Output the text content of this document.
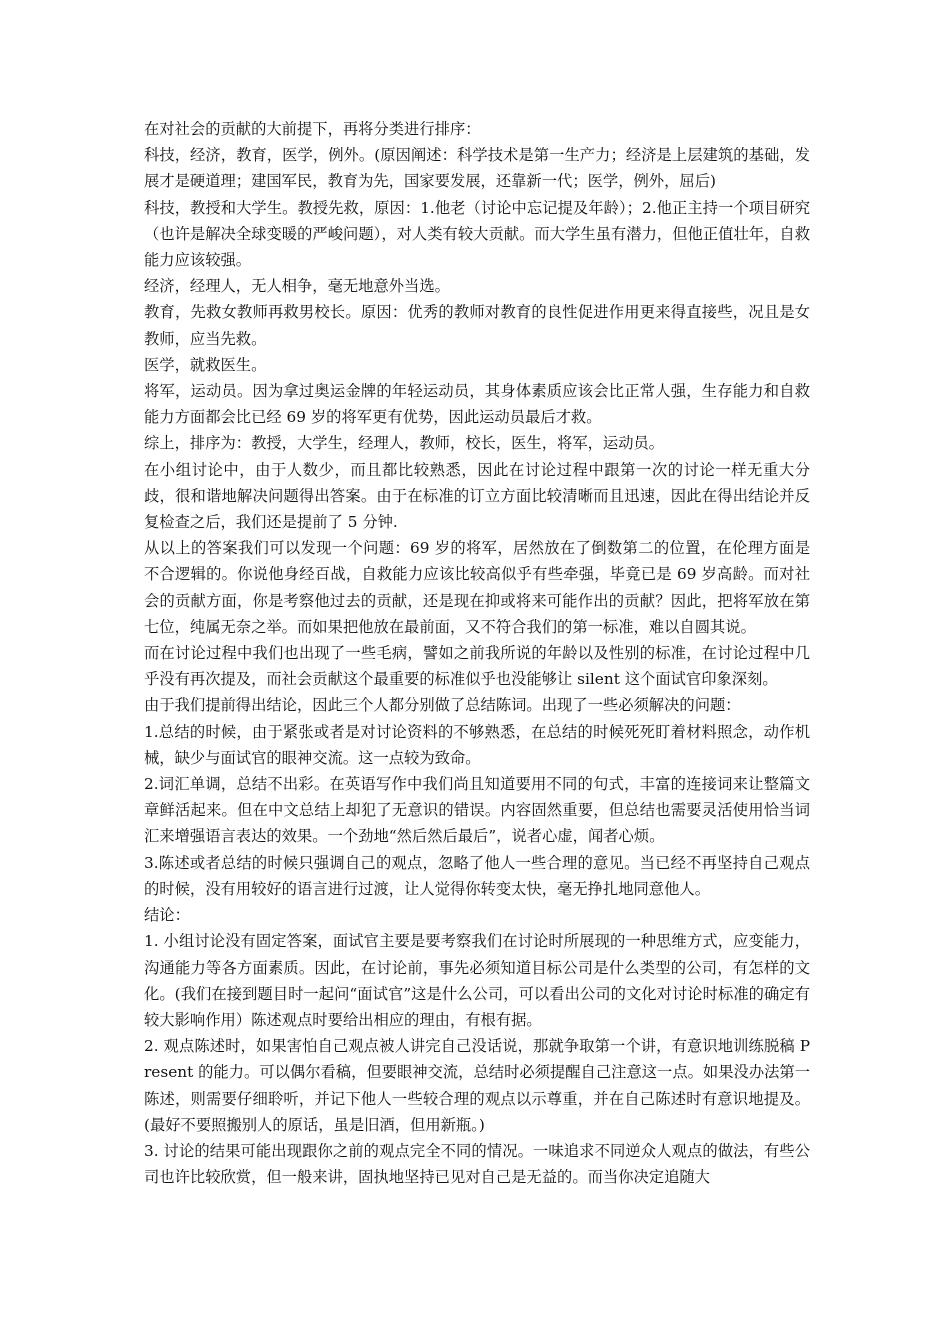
在对社会的贡献的大前提下，再将分类进行排序：

科技，经济，教育，医学，例外。(原因阐述：科学技术是第一生产力；经济是上层建筑的基础，发展才是硬道理；建国军民，教育为先，国家要发展，还靠新一代；医学，例外，屈后)

科技，教授和大学生。教授先救，原因：1.他老（讨论中忘记提及年龄）；2.他正主持一个项目研究（也许是解决全球变暖的严峻问题），对人类有较大贡献。而大学生虽有潜力，但他正值壮年，自救能力应该较强。

经济，经理人，无人相争，毫无地意外当选。

教育，先救女教师再救男校长。原因：优秀的教师对教育的良性促进作用更来得直接些，况且是女教师，应当先救。

医学，就救医生。

将军，运动员。因为拿过奥运金牌的年轻运动员，其身体素质应该会比正常人强，生存能力和自救能力方面都会比已经 69 岁的将军更有优势，因此运动员最后才救。

综上，排序为：教授，大学生，经理人，教师，校长，医生，将军，运动员。

在小组讨论中，由于人数少，而且都比较熟悉，因此在讨论过程中跟第一次的讨论一样无重大分歧，很和谐地解决问题得出答案。由于在标准的订立方面比较清晰而且迅速，因此在得出结论并反复检查之后，我们还是提前了 5 分钟.

从以上的答案我们可以发现一个问题：69 岁的将军，居然放在了倒数第二的位置，在伦理方面是不合逻辑的。你说他身经百战，自救能力应该比较高似乎有些牵强，毕竟已是 69 岁高龄。而对社会的贡献方面，你是考察他过去的贡献，还是现在抑或将来可能作出的贡献？因此，把将军放在第七位，纯属无奈之举。而如果把他放在最前面，又不符合我们的第一标准，难以自圆其说。

而在讨论过程中我们也出现了一些毛病，譬如之前我所说的年龄以及性别的标准，在讨论过程中几乎没有再次提及，而社会贡献这个最重要的标准似乎也没能够让 silent 这个面试官印象深刻。

由于我们提前得出结论，因此三个人都分别做了总结陈词。出现了一些必须解决的问题：

1.总结的时候，由于紧张或者是对讨论资料的不够熟悉，在总结的时候死死盯着材料照念，动作机械，缺少与面试官的眼神交流。这一点较为致命。

2.词汇单调，总结不出彩。在英语写作中我们尚且知道要用不同的句式，丰富的连接词来让整篇文章鲜活起来。但在中文总结上却犯了无意识的错误。内容固然重要，但总结也需要灵活使用恰当词汇来增强语言表达的效果。一个劲地“然后然后最后”，说者心虚，闻者心烦。

3.陈述或者总结的时候只强调自己的观点，忽略了他人一些合理的意见。当已经不再坚持自己观点的时候，没有用较好的语言进行过渡，让人觉得你转变太快，毫无挣扎地同意他人。

结论：

1. 小组讨论没有固定答案，面试官主要是要考察我们在讨论时所展现的一种思维方式，应变能力，沟通能力等各方面素质。因此，在讨论前，事先必须知道目标公司是什么类型的公司，有怎样的文化。(我们在接到题目时一起问“面试官”这是什么公司，可以看出公司的文化对讨论时标准的确定有较大影响作用）陈述观点时要给出相应的理由，有根有据。

2. 观点陈述时，如果害怕自己观点被人讲完自己没话说，那就争取第一个讲，有意识地训练脱稿 Present 的能力。可以偶尔看稿，但要眼神交流，总结时必须提醒自己注意这一点。如果没办法第一陈述，则需要仔细聆听，并记下他人一些较合理的观点以示尊重，并在自己陈述时有意识地提及。(最好不要照搬别人的原话，虽是旧酒，但用新瓶。)

3. 讨论的结果可能出现跟你之前的观点完全不同的情况。一味追求不同逆众人观点的做法，有些公司也许比较欣赏，但一般来讲，固执地坚持已见对自己是无益的。而当你决定追随大
